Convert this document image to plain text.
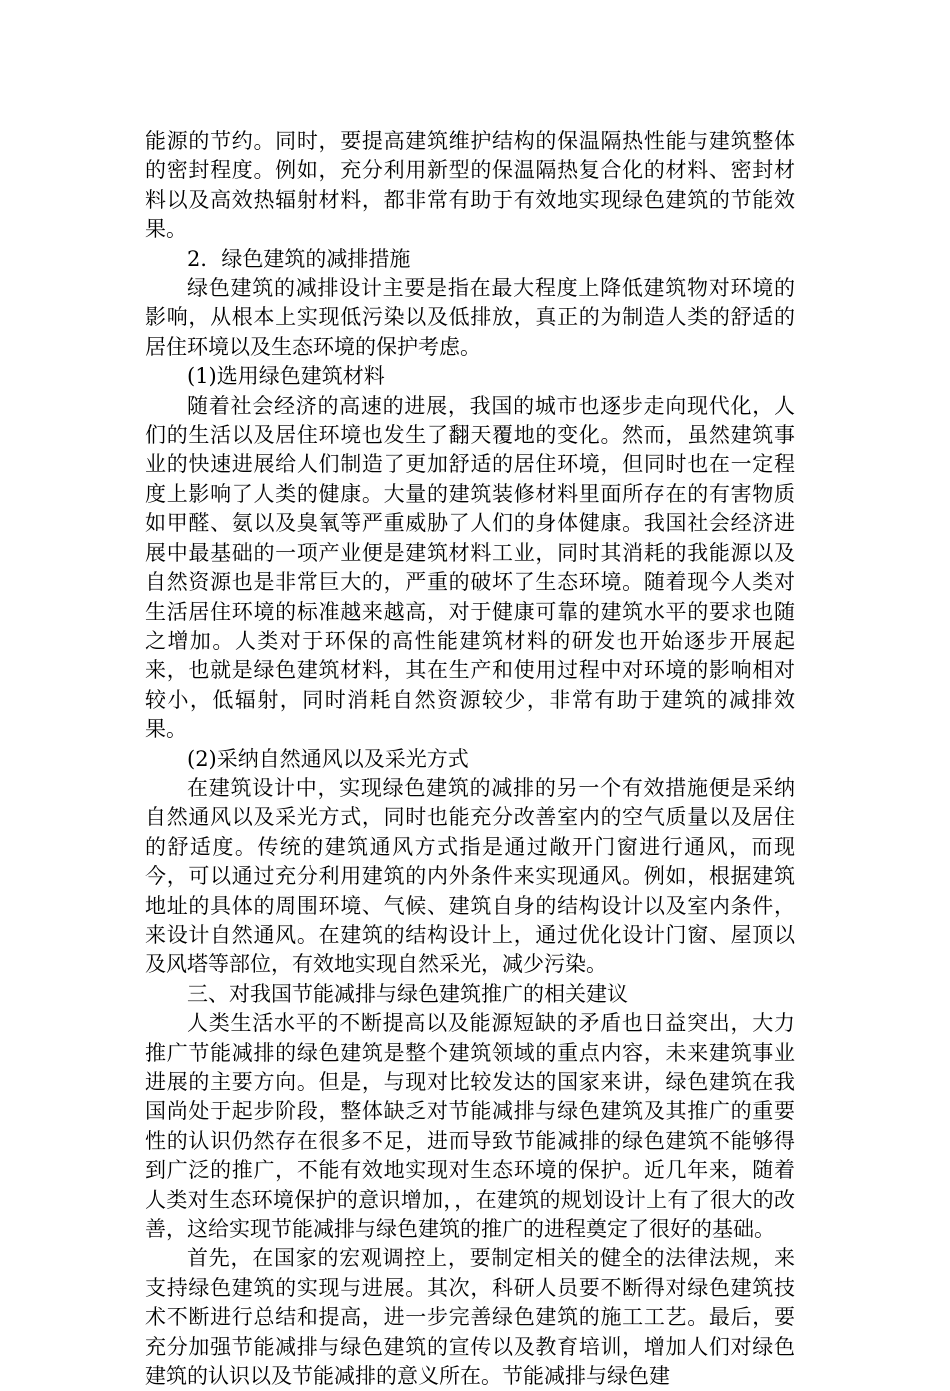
能源的节约。同时，要提高建筑维护结构的保温隔热性能与建筑整体的密封程度。例如，充分利用新型的保温隔热复合化的材料、密封材料以及高效热辐射材料，都非常有助于有效地实现绿色建筑的节能效果。

2．绿色建筑的减排措施

绿色建筑的减排设计主要是指在最大程度上降低建筑物对环境的影响，从根本上实现低污染以及低排放，真正的为制造人类的舒适的居住环境以及生态环境的保护考虑。

(1)选用绿色建筑材料

随着社会经济的高速的进展，我国的城市也逐步走向现代化，人们的生活以及居住环境也发生了翻天覆地的变化。然而，虽然建筑事业的快速进展给人们制造了更加舒适的居住环境，但同时也在一定程度上影响了人类的健康。大量的建筑装修材料里面所存在的有害物质如甲醛、氨以及臭氧等严重威胁了人们的身体健康。我国社会经济进展中最基础的一项产业便是建筑材料工业，同时其消耗的我能源以及自然资源也是非常巨大的，严重的破坏了生态环境。随着现今人类对生活居住环境的标准越来越高，对于健康可靠的建筑水平的要求也随之增加。人类对于环保的高性能建筑材料的研发也开始逐步开展起来，也就是绿色建筑材料，其在生产和使用过程中对环境的影响相对较小，低辐射，同时消耗自然资源较少，非常有助于建筑的减排效果。

(2)采纳自然通风以及采光方式

在建筑设计中，实现绿色建筑的减排的另一个有效措施便是采纳自然通风以及采光方式，同时也能充分改善室内的空气质量以及居住的舒适度。传统的建筑通风方式指是通过敞开门窗进行通风，而现今，可以通过充分利用建筑的内外条件来实现通风。例如，根据建筑地址的具体的周围环境、气候、建筑自身的结构设计以及室内条件，来设计自然通风。在建筑的结构设计上，通过优化设计门窗、屋顶以及风塔等部位，有效地实现自然采光，减少污染。

三、对我国节能减排与绿色建筑推广的相关建议

人类生活水平的不断提高以及能源短缺的矛盾也日益突出，大力推广节能减排的绿色建筑是整个建筑领域的重点内容，未来建筑事业进展的主要方向。但是，与现对比较发达的国家来讲，绿色建筑在我国尚处于起步阶段，整体缺乏对节能减排与绿色建筑及其推广的重要性的认识仍然存在很多不足，进而导致节能减排的绿色建筑不能够得到广泛的推广，不能有效地实现对生态环境的保护。近几年来，随着人类对生态环境保护的意识增加，，在建筑的规划设计上有了很大的改善，这给实现节能减排与绿色建筑的推广的进程奠定了很好的基础。

首先，在国家的宏观调控上，要制定相关的健全的法律法规，来支持绿色建筑的实现与进展。其次，科研人员要不断得对绿色建筑技术不断进行总结和提高，进一步完善绿色建筑的施工工艺。最后，要充分加强节能减排与绿色建筑的宣传以及教育培训，增加人们对绿色建筑的认识以及节能减排的意义所在。节能减排与绿色建
